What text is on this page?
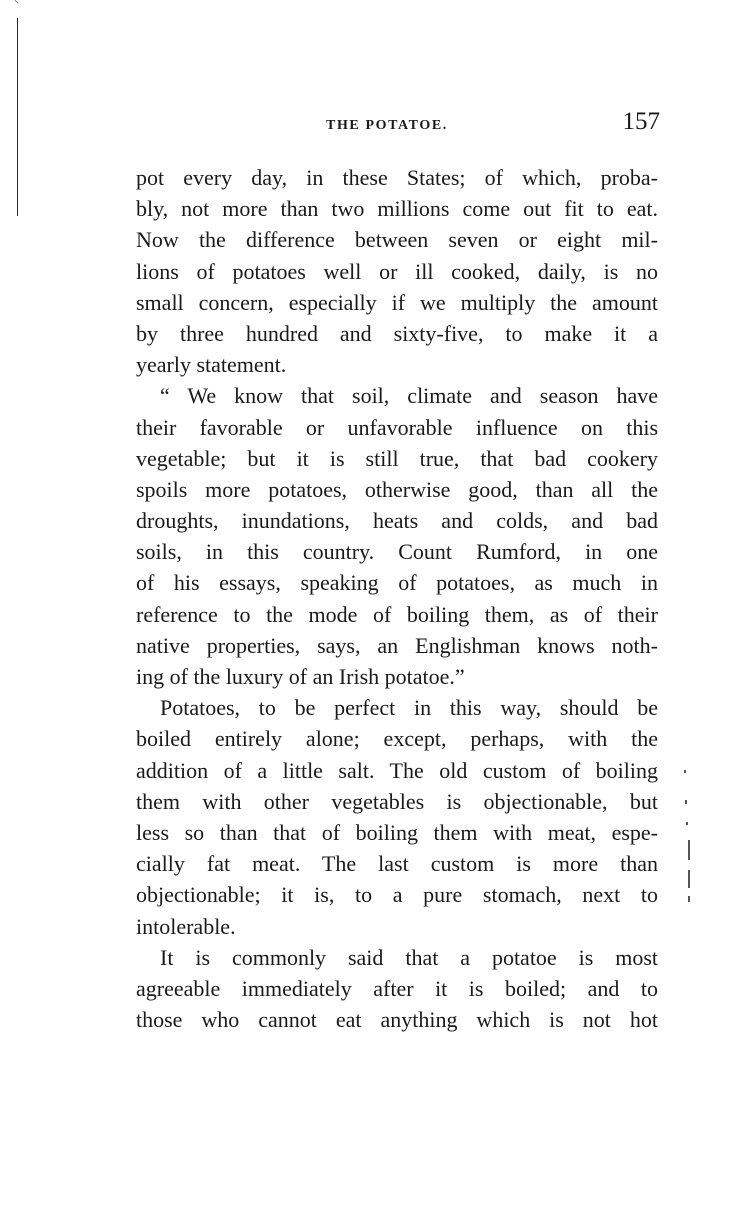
⸌
THE POTATOE.	157
pot every day, in these States; of which, proba-
bly, not more than two millions come out fit to eat.
Now the difference between seven or eight mil-
lions of potatoes well or ill cooked, daily, is no
small concern, especially if we multiply the amount
by three hundred and sixty-five, to make it a
yearly statement.
“ We know that soil, climate and season have
their favorable or unfavorable influence on this
vegetable; but it is still true, that bad cookery
spoils more potatoes, otherwise good, than all the
droughts, inundations, heats and colds, and bad
soils, in this country. Count Rumford, in one
of his essays, speaking of potatoes, as much in
reference to the mode of boiling them, as of their
native properties, says, an Englishman knows noth-
ing of the luxury of an Irish potatoe.”
Potatoes, to be perfect in this way, should be
boiled entirely alone; except, perhaps, with the
addition of a little salt. The old custom of boiling
them with other vegetables is objectionable, but
less so than that of boiling them with meat, espe-
cially fat meat. The last custom is more than
objectionable; it is, to a pure stomach, next to
intolerable.
It is commonly said that a potatoe is most
agreeable immediately after it is boiled; and to
those who cannot eat anything which is not hot
